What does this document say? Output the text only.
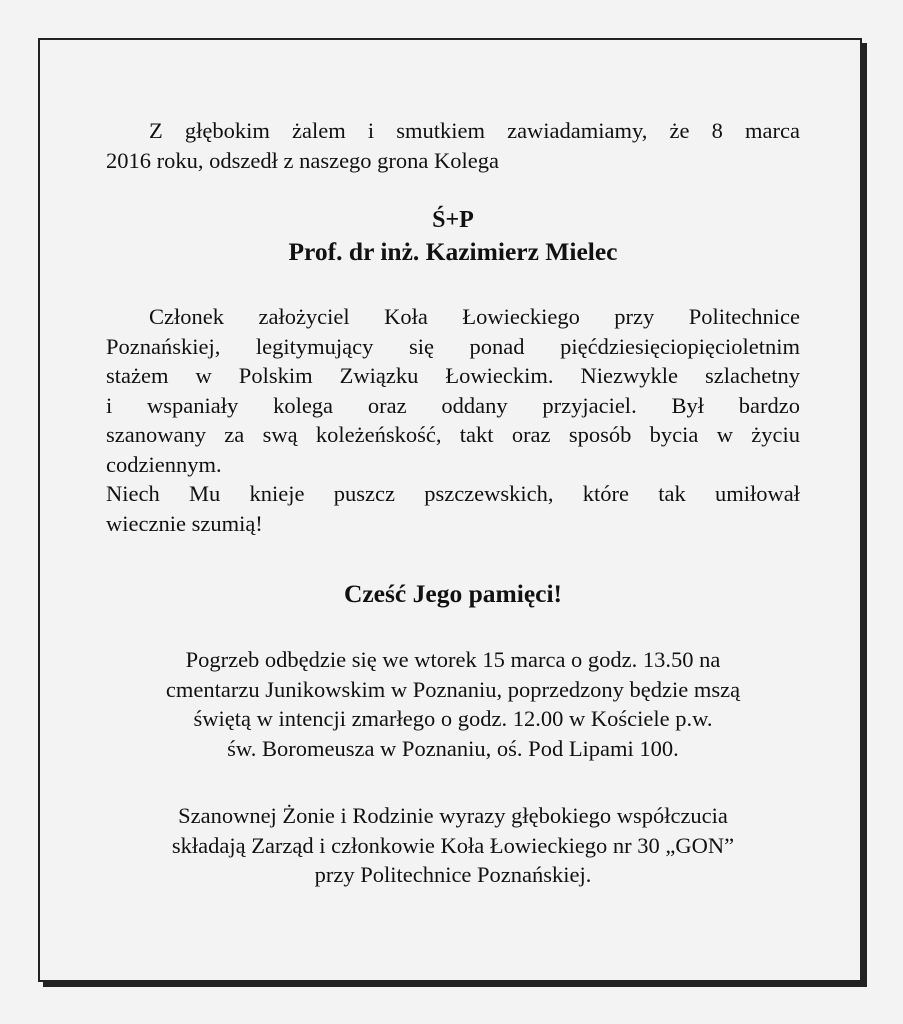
Z głębokim żalem i smutkiem zawiadamiamy, że 8 marca
2016 roku, odszedł z naszego grona Kolega

Ś+P

Prof. dr inż. Kazimierz Mielec

Członek założyciel Koła Łowieckiego przy Politechnice
Poznańskiej, legitymujący się ponad pięćdziesięciopięcioletnim
stażem w Polskim Związku Łowieckim. Niezwykle szlachetny
i wspaniały kolega oraz oddany przyjaciel. Był bardzo
szanowany za swą koleżeńskość, takt oraz sposób bycia w życiu
codziennym.
Niech Mu knieje puszcz pszczewskich, które tak umiłował
wiecznie szumią!

Cześć Jego pamięci!

Pogrzeb odbędzie się we wtorek 15 marca o godz. 13.50 na
cmentarzu Junikowskim w Poznaniu, poprzedzony będzie mszą
świętą w intencji zmarłego o godz. 12.00 w Kościele p.w.
św. Boromeusza w Poznaniu, oś. Pod Lipami 100.
Szanownej Żonie i Rodzinie wyrazy głębokiego współczucia
składają Zarząd i członkowie Koła Łowieckiego nr 30 „GON”
przy Politechnice Poznańskiej.
